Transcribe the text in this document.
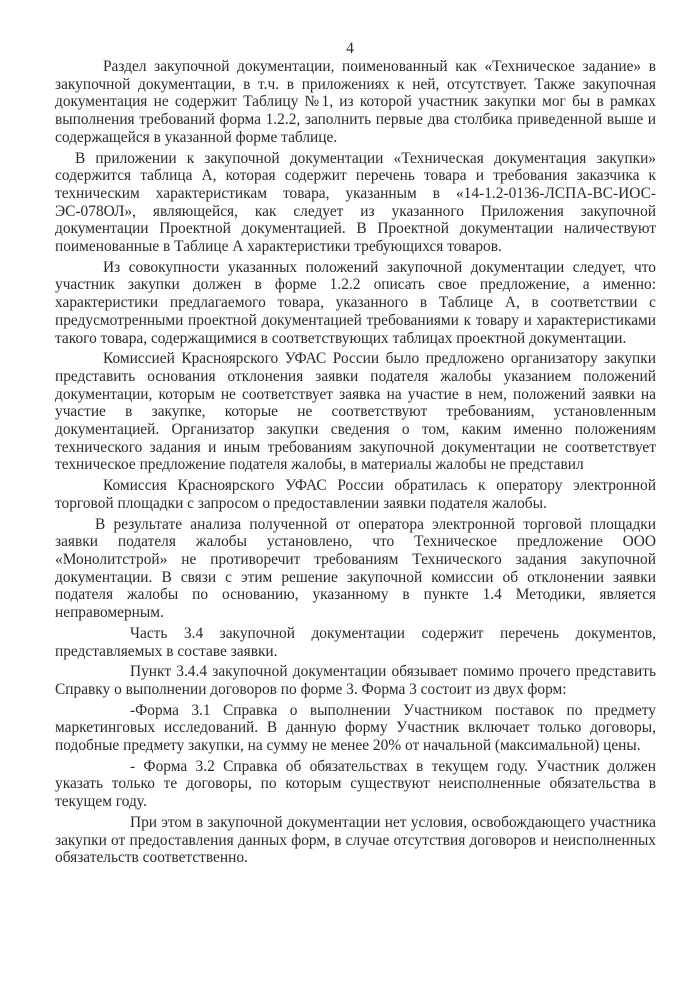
4

Раздел закупочной документации, поименованный как «Техническое задание» в закупочной документации, в т.ч. в приложениях к ней, отсутствует. Также закупочная документация не содержит Таблицу №1, из которой участник закупки мог бы в рамках выполнения требований форма 1.2.2, заполнить первые два столбика приведенной выше и содержащейся в указанной форме таблице.

В приложении к закупочной документации «Техническая документация закупки» содержится таблица А, которая содержит перечень товара и требования заказчика к техническим характеристикам товара, указанным в «14-1.2-0136-ЛСПА-ВС-ИОС-ЭС-078ОЛ», являющейся, как следует из указанного Приложения закупочной документации Проектной документацией. В Проектной документации наличествуют поименованные в Таблице А характеристики требующихся товаров.

Из совокупности указанных положений закупочной документации следует, что участник закупки должен в форме 1.2.2 описать свое предложение, а именно: характеристики предлагаемого товара, указанного в Таблице А, в соответствии с предусмотренными проектной документацией требованиями к товару и характеристиками такого товара, содержащимися в соответствующих таблицах проектной документации.

Комиссией Красноярского УФАС России было предложено организатору закупки представить основания отклонения заявки подателя жалобы указанием положений документации, которым не соответствует заявка на участие в нем, положений заявки на участие в закупке, которые не соответствуют требованиям, установленным документацией. Организатор закупки сведения о том, каким именно положениям технического задания и иным требованиям закупочной документации не соответствует техническое предложение подателя жалобы, в материалы жалобы не представил

Комиссия Красноярского УФАС России обратилась к оператору электронной торговой площадки с запросом о предоставлении заявки подателя жалобы.

В результате анализа полученной от оператора электронной торговой площадки заявки подателя жалобы установлено, что Техническое предложение ООО «Монолитстрой» не противоречит требованиям Технического задания закупочной документации. В связи с этим решение закупочной комиссии об отклонении заявки подателя жалобы по основанию, указанному в пункте 1.4 Методики, является неправомерным.

Часть 3.4 закупочной документации содержит перечень документов, представляемых в составе заявки.

Пункт 3.4.4 закупочной документации обязывает помимо прочего представить Справку о выполнении договоров по форме 3. Форма 3 состоит из двух форм:

-Форма 3.1 Справка о выполнении Участником поставок по предмету маркетинговых исследований. В данную форму Участник включает только договоры, подобные предмету закупки, на сумму не менее 20% от начальной (максимальной) цены.

- Форма 3.2 Справка об обязательствах в текущем году. Участник должен указать только те договоры, по которым существуют неисполненные обязательства в текущем году.

При этом в закупочной документации нет условия, освобождающего участника закупки от предоставления данных форм, в случае отсутствия договоров и неисполненных обязательств соответственно.
